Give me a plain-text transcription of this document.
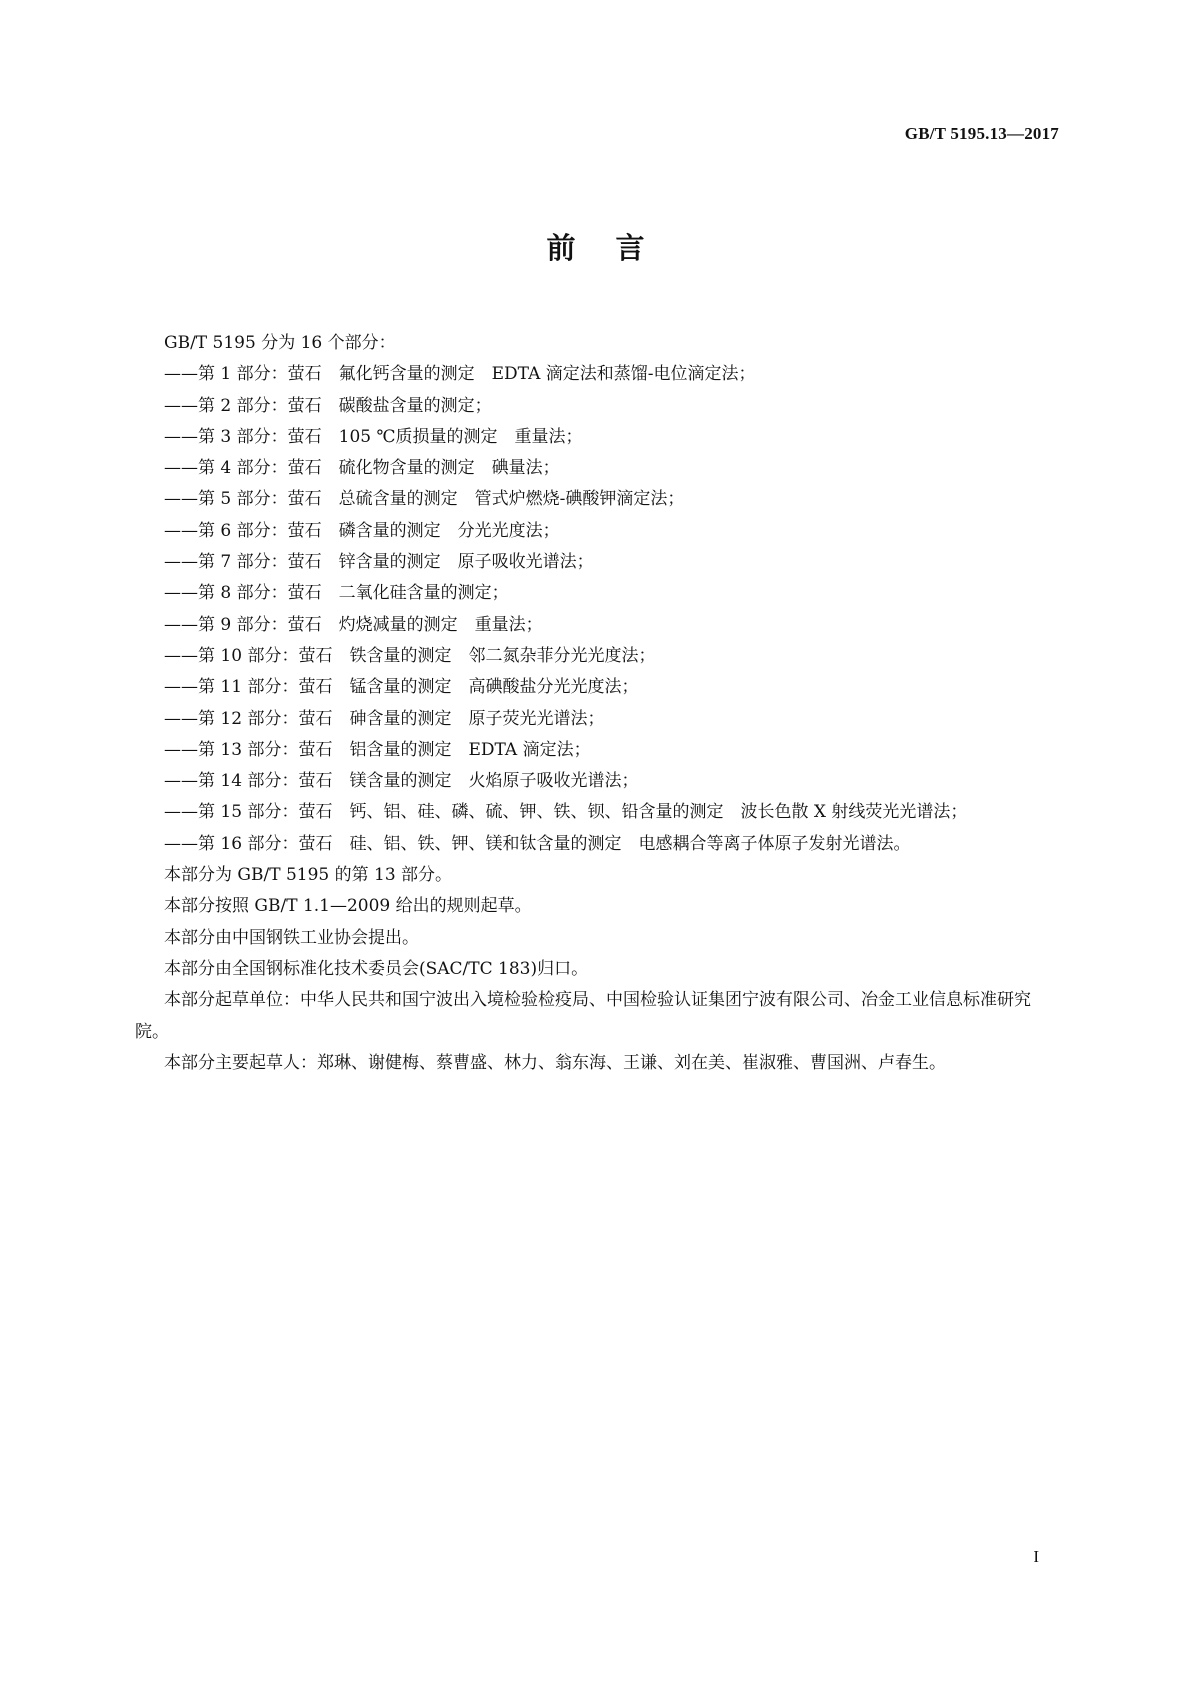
GB/T 5195.13—2017
前言
GB/T 5195 分为 16 个部分：
——第 1 部分：萤石　氟化钙含量的测定　EDTA 滴定法和蒸馏-电位滴定法；
——第 2 部分：萤石　碳酸盐含量的测定；
——第 3 部分：萤石　105 ℃质损量的测定　重量法；
——第 4 部分：萤石　硫化物含量的测定　碘量法；
——第 5 部分：萤石　总硫含量的测定　管式炉燃烧-碘酸钾滴定法；
——第 6 部分：萤石　磷含量的测定　分光光度法；
——第 7 部分：萤石　锌含量的测定　原子吸收光谱法；
——第 8 部分：萤石　二氧化硅含量的测定；
——第 9 部分：萤石　灼烧减量的测定　重量法；
——第 10 部分：萤石　铁含量的测定　邻二氮杂菲分光光度法；
——第 11 部分：萤石　锰含量的测定　高碘酸盐分光光度法；
——第 12 部分：萤石　砷含量的测定　原子荧光光谱法；
——第 13 部分：萤石　铝含量的测定　EDTA 滴定法；
——第 14 部分：萤石　镁含量的测定　火焰原子吸收光谱法；
——第 15 部分：萤石　钙、铝、硅、磷、硫、钾、铁、钡、铅含量的测定　波长色散 X 射线荧光光谱法；
——第 16 部分：萤石　硅、铝、铁、钾、镁和钛含量的测定　电感耦合等离子体原子发射光谱法。
本部分为 GB/T 5195 的第 13 部分。
本部分按照 GB/T 1.1—2009 给出的规则起草。
本部分由中国钢铁工业协会提出。
本部分由全国钢标准化技术委员会(SAC/TC 183)归口。
本部分起草单位：中华人民共和国宁波出入境检验检疫局、中国检验认证集团宁波有限公司、冶金工业信息标准研究院。
本部分主要起草人：郑琳、谢健梅、蔡曹盛、林力、翁东海、王谦、刘在美、崔淑雅、曹国洲、卢春生。
I
